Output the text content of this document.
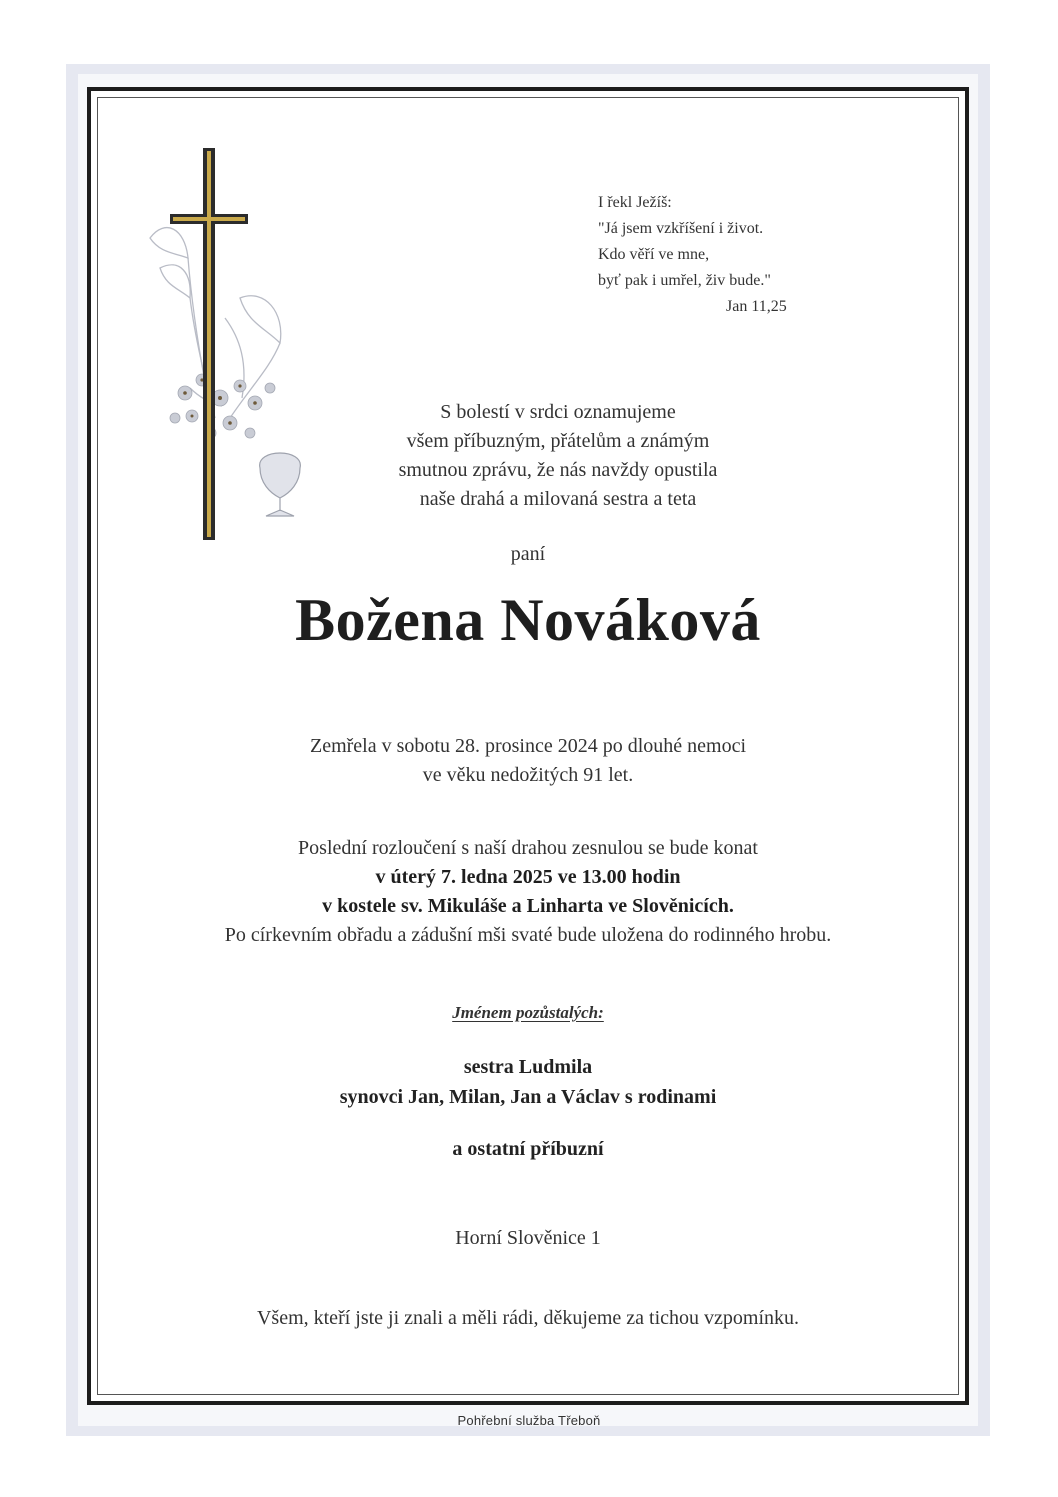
I řekl Ježíš:
"Já jsem vzkříšení i život.
Kdo věří ve mne,
byť pak i umřel, živ bude."
Jan 11,25
S bolestí v srdci oznamujeme
všem příbuzným, přátelům a známým
smutnou zprávu, že nás navždy opustila
naše drahá a milovaná sestra a teta
paní
Božena Nováková
Zemřela v sobotu 28. prosince 2024 po dlouhé nemoci
ve věku nedožitých 91 let.
Poslední rozloučení s naší drahou zesnulou se bude konat
v úterý 7. ledna 2025 ve 13.00 hodin
v kostele sv. Mikuláše a Linharta ve Slověnicích.
Po církevním obřadu a zádušní mši svaté bude uložena do rodinného hrobu.
Jménem pozůstalých:
sestra Ludmila
synovci Jan, Milan, Jan a Václav s rodinami
a ostatní příbuzní
Horní Slověnice 1
Všem, kteří jste ji znali a měli rádi, děkujeme za tichou vzpomínku.
Pohřební služba Třeboň
